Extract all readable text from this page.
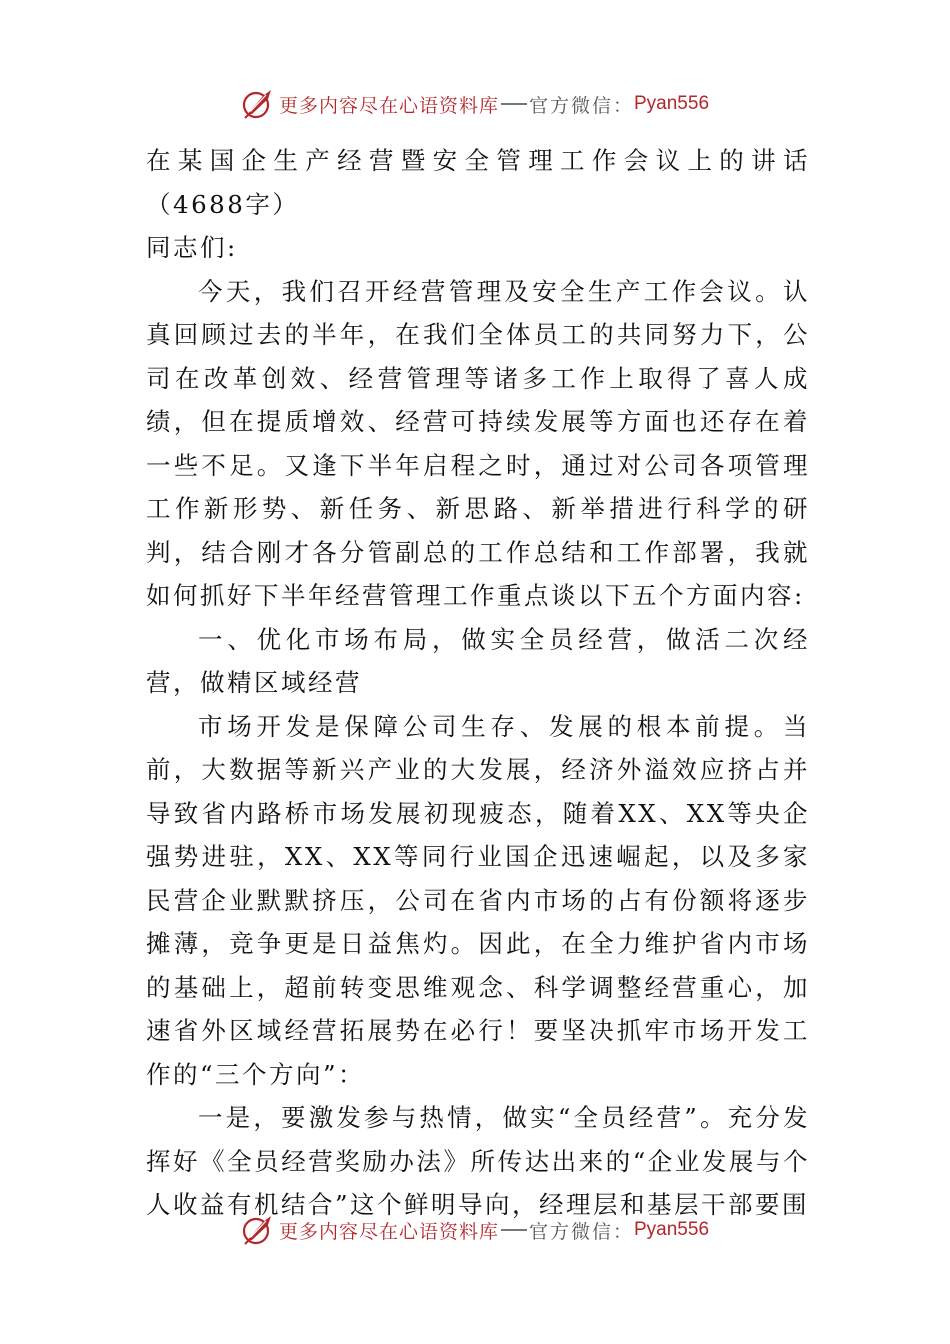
更多内容尽在心语资料库 官方微信： Pyan556

在某国企生产经营暨安全管理工作会议上的讲话（4688字）

同志们:

今天，我们召开经营管理及安全生产工作会议。认真回顾过去的半年，在我们全体员工的共同努力下，公司在改革创效、经营管理等诸多工作上取得了喜人成绩，但在提质增效、经营可持续发展等方面也还存在着一些不足。又逢下半年启程之时，通过对公司各项管理工作新形势、新任务、新思路、新举措进行科学的研判，结合刚才各分管副总的工作总结和工作部署，我就如何抓好下半年经营管理工作重点谈以下五个方面内容:

一、优化市场布局，做实全员经营，做活二次经营，做精区域经营

市场开发是保障公司生存、发展的根本前提。当前，大数据等新兴产业的大发展，经济外溢效应挤占并导致省内路桥市场发展初现疲态，随着XX、XX等央企强势进驻，XX、XX等同行业国企迅速崛起，以及多家民营企业默默挤压，公司在省内市场的占有份额将逐步摊薄，竞争更是日益焦灼。因此，在全力维护省内市场的基础上，超前转变思维观念、科学调整经营重心，加速省外区域经营拓展势在必行！要坚决抓牢市场开发工作的“三个方向”：

一是，要激发参与热情，做实“全员经营”。充分发挥好《全员经营奖励办法》所传达出来的“企业发展与个人收益有机结合”这个鲜明导向，经理层和基层干部要围

更多内容尽在心语资料库 官方微信： Pyan556
